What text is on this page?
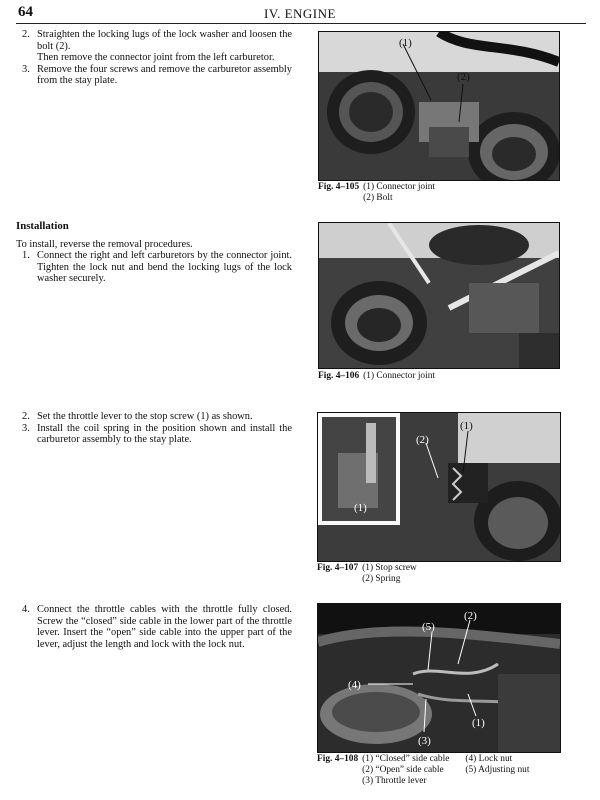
64	IV. ENGINE
2. Straighten the locking lugs of the lock washer and loosen the bolt (2).
Then remove the connector joint from the left carburetor.
3. Remove the four screws and remove the carburetor assembly from the stay plate.
(1)
(2)
Fig. 4–105	(1) Connector joint
(2) Bolt
Installation
To install, reverse the removal procedures.
1. Connect the right and left carburetors by the connector joint. Tighten the lock nut and bend the locking lugs of the lock washer securely.
Fig. 4–106	(1) Connector joint
2. Set the throttle lever to the stop screw (1) as shown.
3. Install the coil spring in the position shown and install the carburetor assembly to the stay plate.
(1)
(2)
(1)
Fig. 4–107	(1) Stop screw
(2) Spring
4. Connect the throttle cables with the throttle fully closed. Screw the “closed” side cable in the lower part of the throttle lever. Insert the “open” side cable into the upper part of the lever, adjust the length and lock with the lock nut.
(5)
(2)
(4)
(1)
(3)
Fig. 4–108	(1) “Closed” side cable
(2) “Open” side cable
(3) Throttle lever

(4) Lock nut
(5) Adjusting nut
